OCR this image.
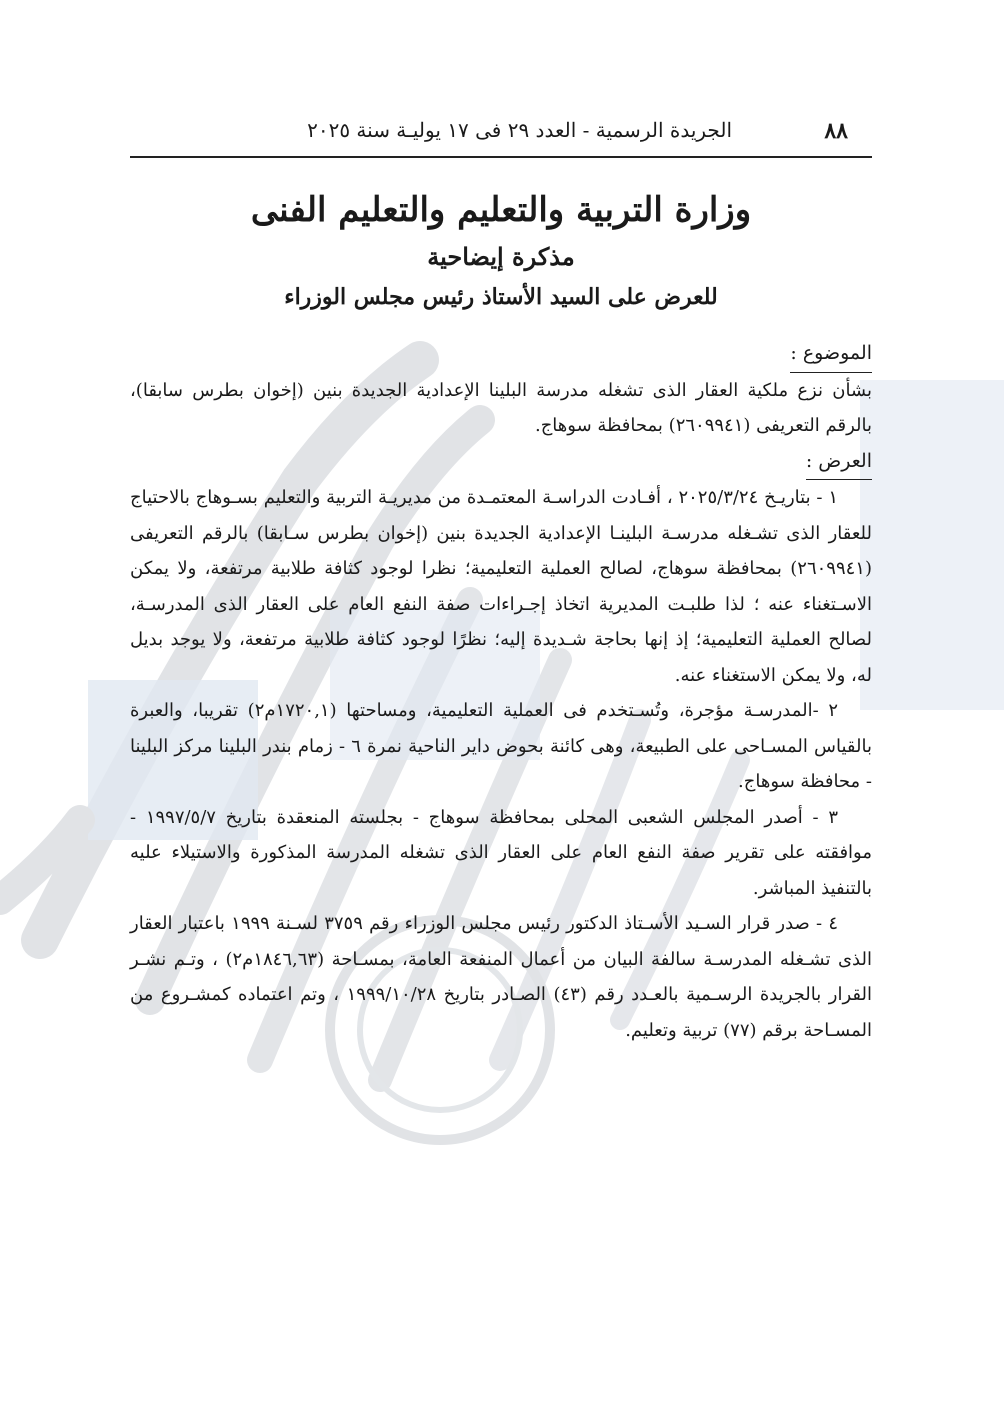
٨٨
الجريدة الرسمية - العدد ٢٩ فى ١٧ يوليـة سنة ٢٠٢٥
وزارة التربية والتعليم والتعليم الفنى
مذكرة إيضاحية
للعرض على السيد الأستاذ رئيس مجلس الوزراء

الموضوع :

بشأن نزع ملكية العقار الذى تشغله مدرسة البلينا الإعدادية الجديدة بنين (إخوان بطرس سابقا)، بالرقم التعريفى (٢٦٠٩٩٤١) بمحافظة سوهاج.

العرض :

١ - بتاريـخ ٢٠٢٥/٣/٢٤ ، أفـادت الدراسـة المعتمـدة من مديريـة التربية والتعليم بسـوهاج بالاحتياج للعقار الذى تشـغله مدرسـة البلينـا الإعدادية الجديدة بنين (إخوان بطرس سـابقا) بالرقم التعريفى (٢٦٠٩٩٤١) بمحافظة سوهاج، لصالح العملية التعليمية؛ نظرا لوجود كثافة طلابية مرتفعة، ولا يمكن الاسـتغناء عنه ؛ لذا طلبـت المديرية اتخاذ إجـراءات صفة النفع العام على العقار الذى المدرسـة، لصالح العملية التعليمية؛ إذ إنها بحاجة شـديدة إليه؛ نظرًا لوجود كثافة طلابية مرتفعة، ولا يوجد بديل له، ولا يمكن الاستغناء عنه.

٢ -المدرسـة مؤجرة، وتُسـتخدم فى العملية التعليمية، ومساحتها (١٧٢٠,١م٢) تقريبا، والعبرة بالقياس المسـاحى على الطبيعة، وهى كائنة بحوض داير الناحية نمرة ٦ - زمام بندر البلينا مركز البلينا - محافظة سوهاج.

٣ - أصدر المجلس الشعبى المحلى بمحافظة سوهاج - بجلسته المنعقدة بتاريخ ١٩٩٧/٥/٧ - موافقته على تقرير صفة النفع العام على العقار الذى تشغله المدرسة المذكورة والاستيلاء عليه بالتنفيذ المباشر.

٤ - صدر قرار السـيد الأسـتاذ الدكتور رئيس مجلس الوزراء رقم ٣٧٥٩ لسـنة ١٩٩٩ باعتبار العقار الذى تشـغله المدرسـة سالفة البيان من أعمال المنفعة العامة، بمسـاحة (١٨٤٦,٦٣م٢) ، وتـم نشـر القرار بالجريدة الرسـمية بالعـدد رقم (٤٣) الصـادر بتاريخ ١٩٩٩/١٠/٢٨ ، وتم اعتماده كمشـروع من المسـاحة برقم (٧٧) تربية وتعليم.
